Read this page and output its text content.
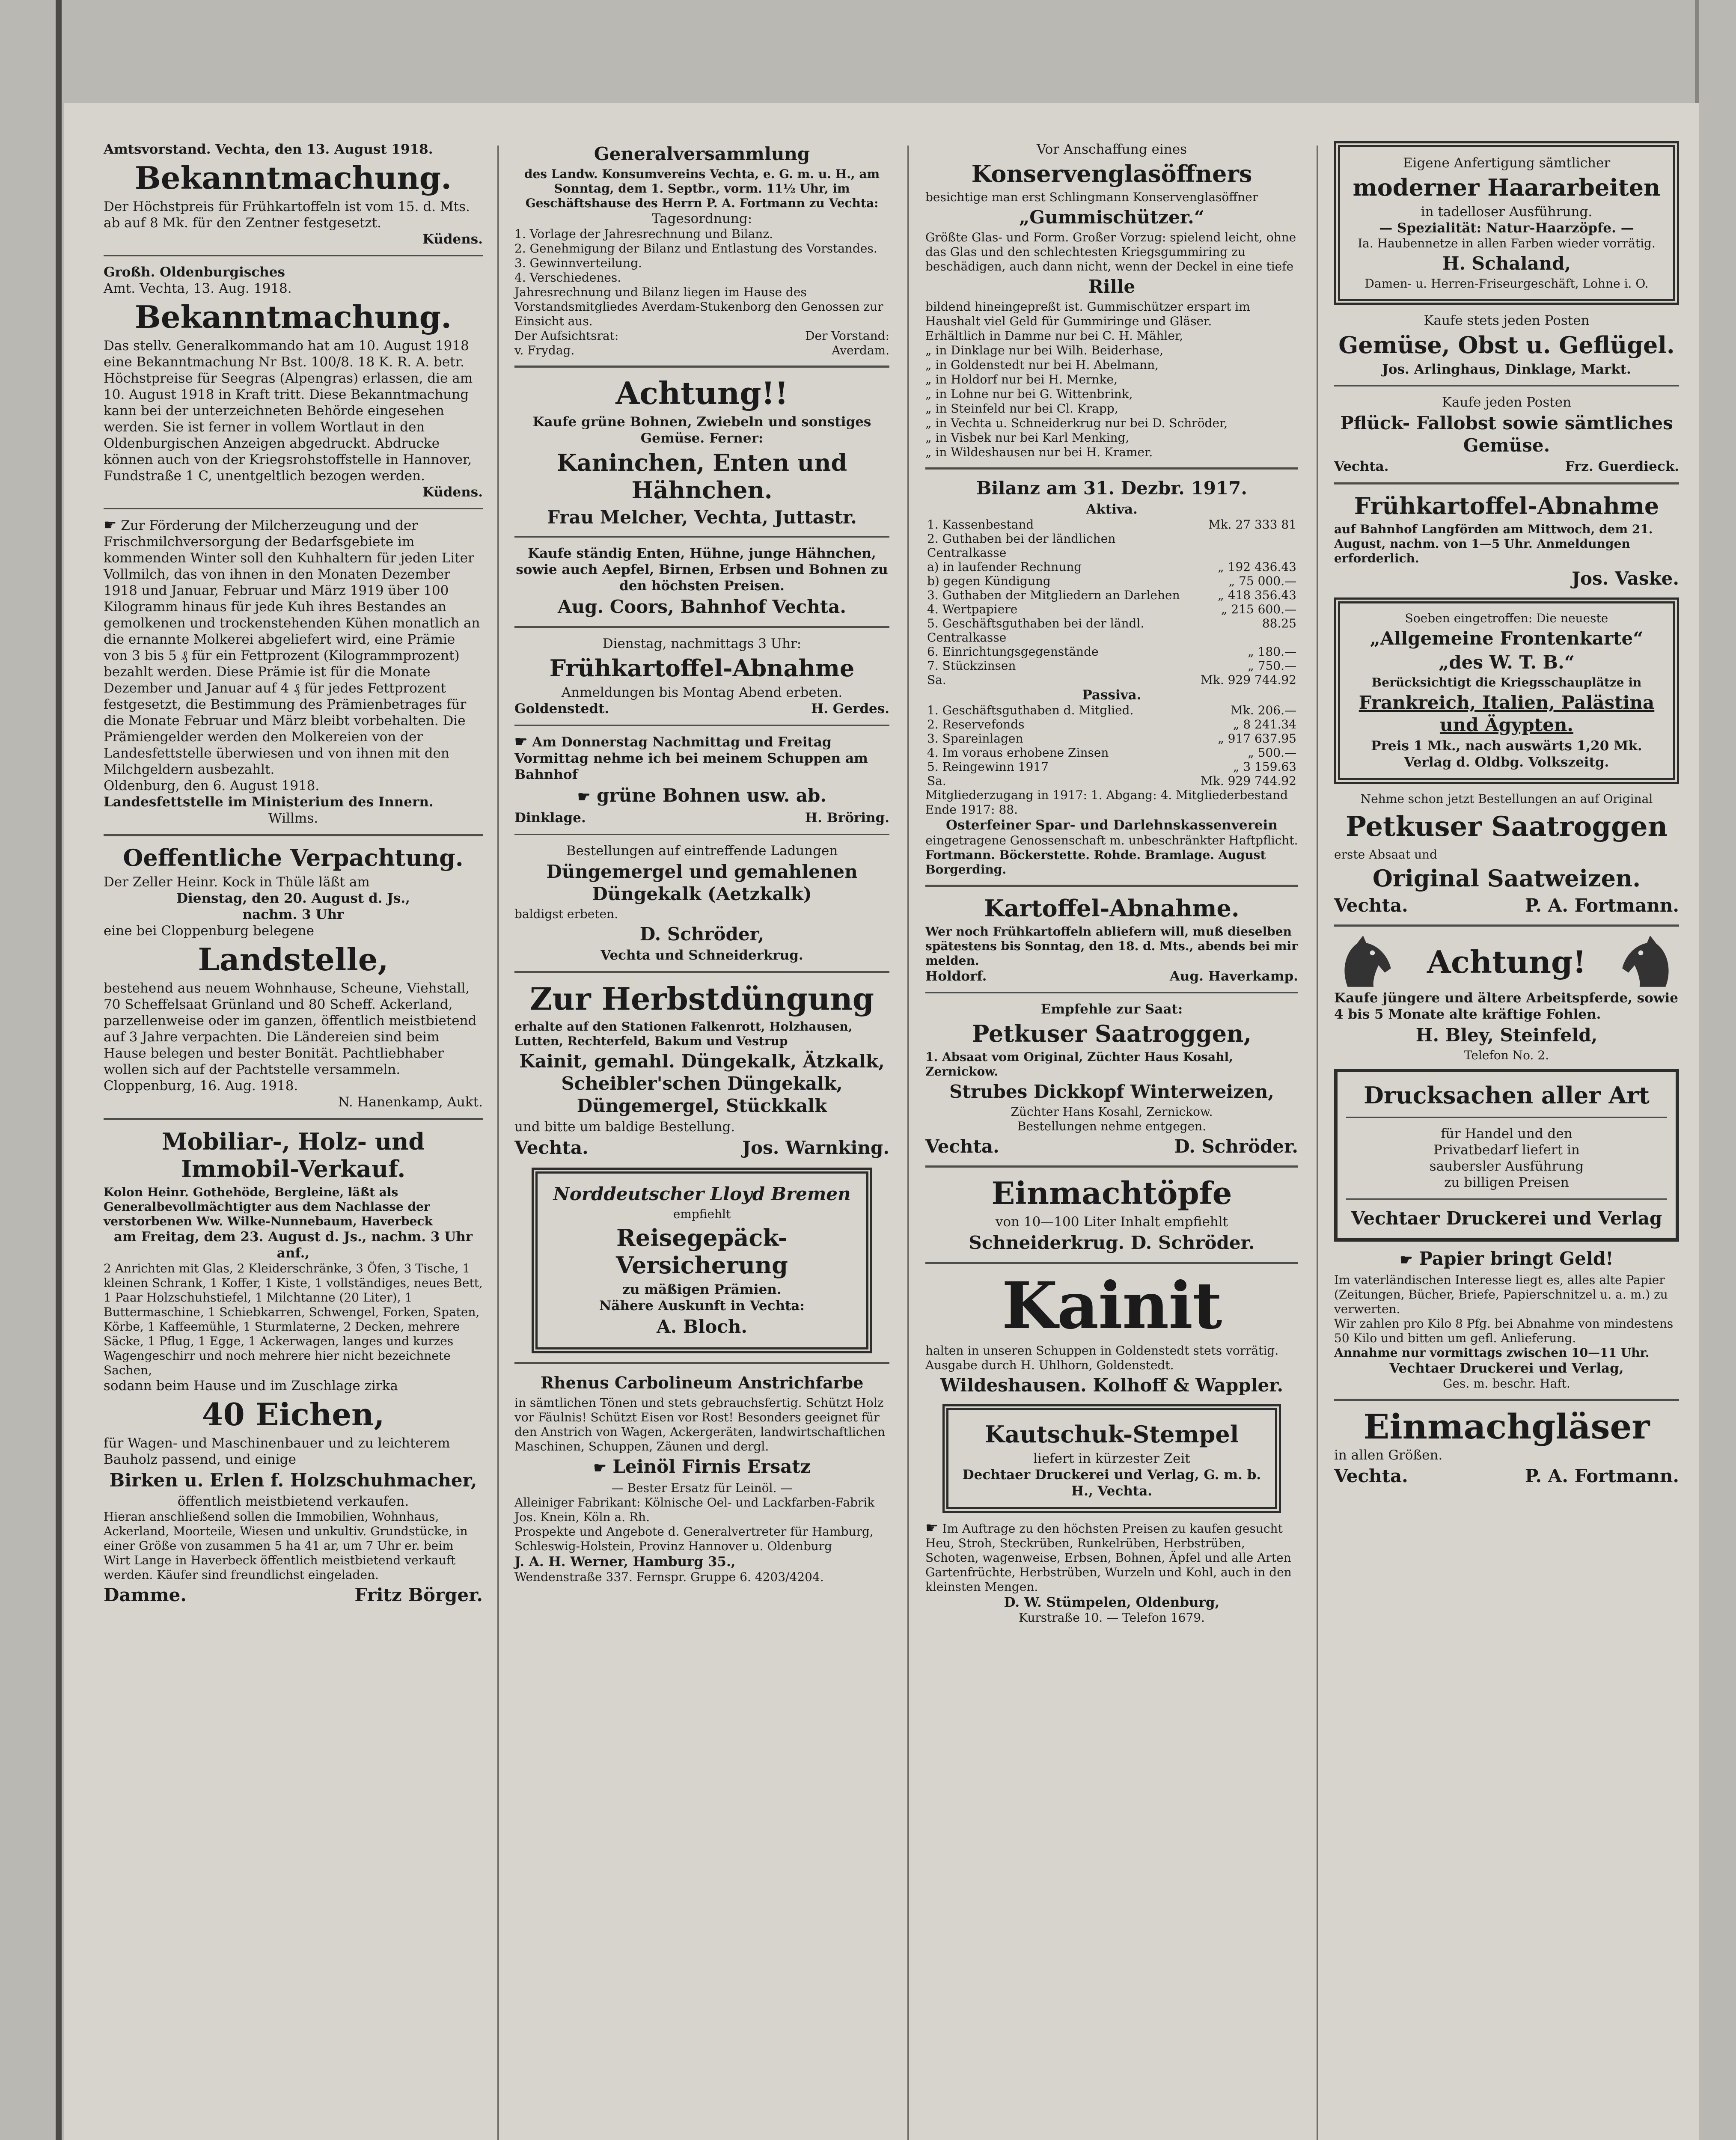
Amtsvorstand. Vechta, den 13. August 1918.

Bekanntmachung.

Der Höchstpreis für Frühkartoffeln ist vom 15. d. Mts. ab auf 8 Mk. für den Zentner festgesetzt.

Küdens.

Großh. Oldenburgisches

Amt. Vechta, 13. Aug. 1918.

Bekanntmachung.

Das stellv. Generalkommando hat am 10. August 1918 eine Bekanntmachung Nr Bst. 100/8. 18 K. R. A. betr. Höchstpreise für Seegras (Alpengras) erlassen, die am 10. August 1918 in Kraft tritt. Diese Bekanntmachung kann bei der unterzeichneten Behörde eingesehen werden. Sie ist ferner in vollem Wortlaut in den Oldenburgischen Anzeigen abgedruckt. Abdrucke können auch von der Kriegsrohstoffstelle in Hannover, Fundstraße 1 C, unentgeltlich bezogen werden.

Küdens.

☛ Zur Förderung der Milcherzeugung und der Frischmilchversorgung der Bedarfsgebiete im kommenden Winter soll den Kuhhaltern für jeden Liter Vollmilch, das von ihnen in den Monaten Dezember 1918 und Januar, Februar und März 1919 über 100 Kilogramm hinaus für jede Kuh ihres Bestandes an gemolkenen und trockenstehenden Kühen monatlich an die ernannte Molkerei abgeliefert wird, eine Prämie von 3 bis 5 ₰ für ein Fettprozent (Kilogrammprozent) bezahlt werden. Diese Prämie ist für die Monate Dezember und Januar auf 4 ₰ für jedes Fettprozent festgesetzt, die Bestimmung des Prämienbetrages für die Monate Februar und März bleibt vorbehalten. Die Prämiengelder werden den Molkereien von der Landesfettstelle überwiesen und von ihnen mit den Milchgeldern ausbezahlt.

Oldenburg, den 6. August 1918.

Landesfettstelle im Ministerium des Innern.

Willms.

Oeffentliche Verpachtung.

Der Zeller Heinr. Kock in Thüle läßt am

Dienstag, den 20. August d. Js.,

nachm. 3 Uhr

eine bei Cloppenburg belegene

Landstelle,

bestehend aus neuem Wohnhause, Scheune, Viehstall, 70 Scheffelsaat Grünland und 80 Scheff. Ackerland, parzellenweise oder im ganzen, öffentlich meistbietend auf 3 Jahre verpachten. Die Ländereien sind beim Hause belegen und bester Bonität. Pachtliebhaber wollen sich auf der Pachtstelle versammeln.

Cloppenburg, 16. Aug. 1918.

N. Hanenkamp, Aukt.

Mobiliar-, Holz- und Immobil-Verkauf.

Kolon Heinr. Gothehöde, Bergleine, läßt als Generalbevollmächtigter aus dem Nachlasse der verstorbenen Ww. Wilke-Nunnebaum, Haverbeck

am Freitag, dem 23. August d. Js., nachm. 3 Uhr anf.,

2 Anrichten mit Glas, 2 Kleiderschränke, 3 Öfen, 3 Tische, 1 kleinen Schrank, 1 Koffer, 1 Kiste, 1 vollständiges, neues Bett, 1 Paar Holzschuhstiefel, 1 Milchtanne (20 Liter), 1 Buttermaschine, 1 Schiebkarren, Schwengel, Forken, Spaten, Körbe, 1 Kaffeemühle, 1 Sturmlaterne, 2 Decken, mehrere Säcke, 1 Pflug, 1 Egge, 1 Ackerwagen, langes und kurzes Wagengeschirr und noch mehrere hier nicht bezeichnete Sachen,

sodann beim Hause und im Zuschlage zirka

40 Eichen,

für Wagen- und Maschinenbauer und zu leichterem Bauholz passend, und einige

Birken u. Erlen f. Holzschuhmacher,

öffentlich meistbietend verkaufen.

Hieran anschließend sollen die Immobilien, Wohnhaus, Ackerland, Moorteile, Wiesen und unkultiv. Grundstücke, in einer Größe von zusammen 5 ha 41 ar, um 7 Uhr er. beim Wirt Lange in Haverbeck öffentlich meistbietend verkauft werden. Käufer sind freundlichst eingeladen.

Damme.	Fritz Börger.

Generalversammlung

des Landw. Konsumvereins Vechta, e. G. m. u. H., am Sonntag, dem 1. Septbr., vorm. 11½ Uhr, im Geschäftshause des Herrn P. A. Fortmann zu Vechta:

Tagesordnung:

1. Vorlage der Jahresrechnung und Bilanz.

2. Genehmigung der Bilanz und Entlastung des Vorstandes.

3. Gewinnverteilung.

4. Verschiedenes.

Jahresrechnung und Bilanz liegen im Hause des Vorstandsmitgliedes Averdam-Stukenborg den Genossen zur Einsicht aus.

Der Aufsichtsrat:	Der Vorstand:
v. Frydag.	Averdam.

Achtung!!

Kaufe grüne Bohnen, Zwiebeln und sonstiges Gemüse. Ferner:

Kaninchen, Enten und Hähnchen.

Frau Melcher, Vechta, Juttastr.

Kaufe ständig Enten, Hühne, junge Hähnchen, sowie auch Aepfel, Birnen, Erbsen und Bohnen zu den höchsten Preisen.

Aug. Coors, Bahnhof Vechta.

Dienstag, nachmittags 3 Uhr:

Frühkartoffel-Abnahme

Anmeldungen bis Montag Abend erbeten.

Goldenstedt.	H. Gerdes.

☛ Am Donnerstag Nachmittag und Freitag Vormittag nehme ich bei meinem Schuppen am Bahnhof

☛ grüne Bohnen usw. ab.

Dinklage.	H. Bröring.

Bestellungen auf eintreffende Ladungen

Düngemergel und gemahlenen Düngekalk (Aetzkalk)

baldigst erbeten.

D. Schröder,

Vechta und Schneiderkrug.

Zur Herbstdüngung

erhalte auf den Stationen Falkenrott, Holzhausen, Lutten, Rechterfeld, Bakum und Vestrup

Kainit, gemahl. Düngekalk, Ätzkalk, Scheibler'schen Düngekalk, Düngemergel, Stückkalk

und bitte um baldige Bestellung.

Vechta.	Jos. Warnking.

Norddeutscher Lloyd Bremen

empfiehlt

Reisegepäck-Versicherung

zu mäßigen Prämien.

Nähere Auskunft in Vechta:

A. Bloch.

Rhenus Carbolineum Anstrichfarbe

in sämtlichen Tönen und stets gebrauchsfertig. Schützt Holz vor Fäulnis! Schützt Eisen vor Rost! Besonders geeignet für den Anstrich von Wagen, Ackergeräten, landwirtschaftlichen Maschinen, Schuppen, Zäunen und dergl.

☛ Leinöl Firnis Ersatz

— Bester Ersatz für Leinöl. —

Alleiniger Fabrikant: Kölnische Oel- und Lackfarben-Fabrik Jos. Knein, Köln a. Rh.

Prospekte und Angebote d. Generalvertreter für Hamburg, Schleswig-Holstein, Provinz Hannover u. Oldenburg

J. A. H. Werner, Hamburg 35.,

Wendenstraße 337. Fernspr. Gruppe 6. 4203/4204.

Vor Anschaffung eines

Konservenglasöffners

besichtige man erst Schlingmann Konservenglasöffner

„Gummischützer.“

Größte Glas- und Form. Großer Vorzug: spielend leicht, ohne das Glas und den schlechtesten Kriegsgummiring zu beschädigen, auch dann nicht, wenn der Deckel in eine tiefe

Rille

bildend hineingepreßt ist. Gummischützer erspart im Haushalt viel Geld für Gummiringe und Gläser.

Erhältlich in Damme nur bei C. H. Mähler,

„ in Dinklage nur bei Wilh. Beiderhase,

„ in Goldenstedt nur bei H. Abelmann,

„ in Holdorf nur bei H. Mernke,

„ in Lohne nur bei G. Wittenbrink,

„ in Steinfeld nur bei Cl. Krapp,

„ in Vechta u. Schneiderkrug nur bei D. Schröder,

„ in Visbek nur bei Karl Menking,

„ in Wildeshausen nur bei H. Kramer.

Bilanz am 31. Dezbr. 1917.

Aktiva.

1. Kassenbestand	Mk. 27 333 81
2. Guthaben bei der ländlichen Centralkasse	
a) in laufender Rechnung	„ 192 436.43
b) gegen Kündigung	„ 75 000.—
3. Guthaben der Mitgliedern an Darlehen	„ 418 356.43
4. Wertpapiere	„ 215 600.—
5. Geschäftsguthaben bei der ländl. Centralkasse	88.25
6. Einrichtungsgegenstände	„ 180.—
7. Stückzinsen	„ 750.—
Sa.	Mk. 929 744.92

Passiva.

1. Geschäftsguthaben d. Mitglied.	Mk. 206.—
2. Reservefonds	„ 8 241.34
3. Spareinlagen	„ 917 637.95
4. Im voraus erhobene Zinsen	„ 500.—
5. Reingewinn 1917	„ 3 159.63
Sa.	Mk. 929 744.92

Mitgliederzugang in 1917: 1. Abgang: 4. Mitgliederbestand Ende 1917: 88.

Osterfeiner Spar- und Darlehnskassenverein

eingetragene Genossenschaft m. unbeschränkter Haftpflicht.

Fortmann. Böckerstette. Rohde. Bramlage. August Borgerding.

Kartoffel-Abnahme.

Wer noch Frühkartoffeln abliefern will, muß dieselben spätestens bis Sonntag, den 18. d. Mts., abends bei mir melden.

Holdorf.	Aug. Haverkamp.

Empfehle zur Saat:

Petkuser Saatroggen,

1. Absaat vom Original, Züchter Haus Kosahl, Zernickow.

Strubes Dickkopf Winterweizen,

Züchter Hans Kosahl, Zernickow.

Bestellungen nehme entgegen.

Vechta.	D. Schröder.

Einmachtöpfe

von 10—100 Liter Inhalt empfiehlt

Schneiderkrug. D. Schröder.

Kainit

halten in unseren Schuppen in Goldenstedt stets vorrätig. Ausgabe durch H. Uhlhorn, Goldenstedt.

Wildeshausen. Kolhoff & Wappler.

Kautschuk-Stempel

liefert in kürzester Zeit

Dechtaer Druckerei und Verlag, G. m. b. H., Vechta.

☛ Im Auftrage zu den höchsten Preisen zu kaufen gesucht Heu, Stroh, Steckrüben, Runkelrüben, Herbstrüben, Schoten, wagenweise, Erbsen, Bohnen, Äpfel und alle Arten Gartenfrüchte, Herbstrüben, Wurzeln und Kohl, auch in den kleinsten Mengen.

D. W. Stümpelen, Oldenburg,

Kurstraße 10. — Telefon 1679.

Eigene Anfertigung sämtlicher

moderner Haararbeiten

in tadelloser Ausführung.

— Spezialität: Natur-Haarzöpfe. —

Ia. Haubennetze in allen Farben wieder vorrätig.

H. Schaland,

Damen- u. Herren-Friseurgeschäft, Lohne i. O.

Kaufe stets jeden Posten

Gemüse, Obst u. Geflügel.

Jos. Arlinghaus, Dinklage, Markt.

Kaufe jeden Posten

Pflück- Fallobst sowie sämtliches Gemüse.

Vechta.	Frz. Guerdieck.

Frühkartoffel-Abnahme

auf Bahnhof Langförden am Mittwoch, dem 21. August, nachm. von 1—5 Uhr. Anmeldungen erforderlich.

Jos. Vaske.

Soeben eingetroffen: Die neueste

„Allgemeine Frontenkarte“

„des W. T. B.“

Berücksichtigt die Kriegsschauplätze in

Frankreich, Italien, Palästina und Ägypten.

Preis 1 Mk., nach auswärts 1,20 Mk.

Verlag d. Oldbg. Volkszeitg.

Nehme schon jetzt Bestellungen an auf Original

Petkuser Saatroggen

erste Absaat und

Original Saatweizen.

Vechta.	P. A. Fortmann.

Achtung!

Kaufe jüngere und ältere Arbeitspferde, sowie 4 bis 5 Monate alte kräftige Fohlen.

H. Bley, Steinfeld,

Telefon No. 2.

Drucksachen aller Art

für Handel und den

Privatbedarf liefert in

saubersler Ausführung

zu billigen Preisen

Vechtaer Druckerei und Verlag

☛ Papier bringt Geld!

Im vaterländischen Interesse liegt es, alles alte Papier (Zeitungen, Bücher, Briefe, Papierschnitzel u. a. m.) zu verwerten.

Wir zahlen pro Kilo 8 Pfg. bei Abnahme von mindestens 50 Kilo und bitten um gefl. Anlieferung.

Annahme nur vormittags zwischen 10—11 Uhr.

Vechtaer Druckerei und Verlag,

Ges. m. beschr. Haft.

Einmachgläser

in allen Größen.

Vechta.	P. A. Fortmann.
